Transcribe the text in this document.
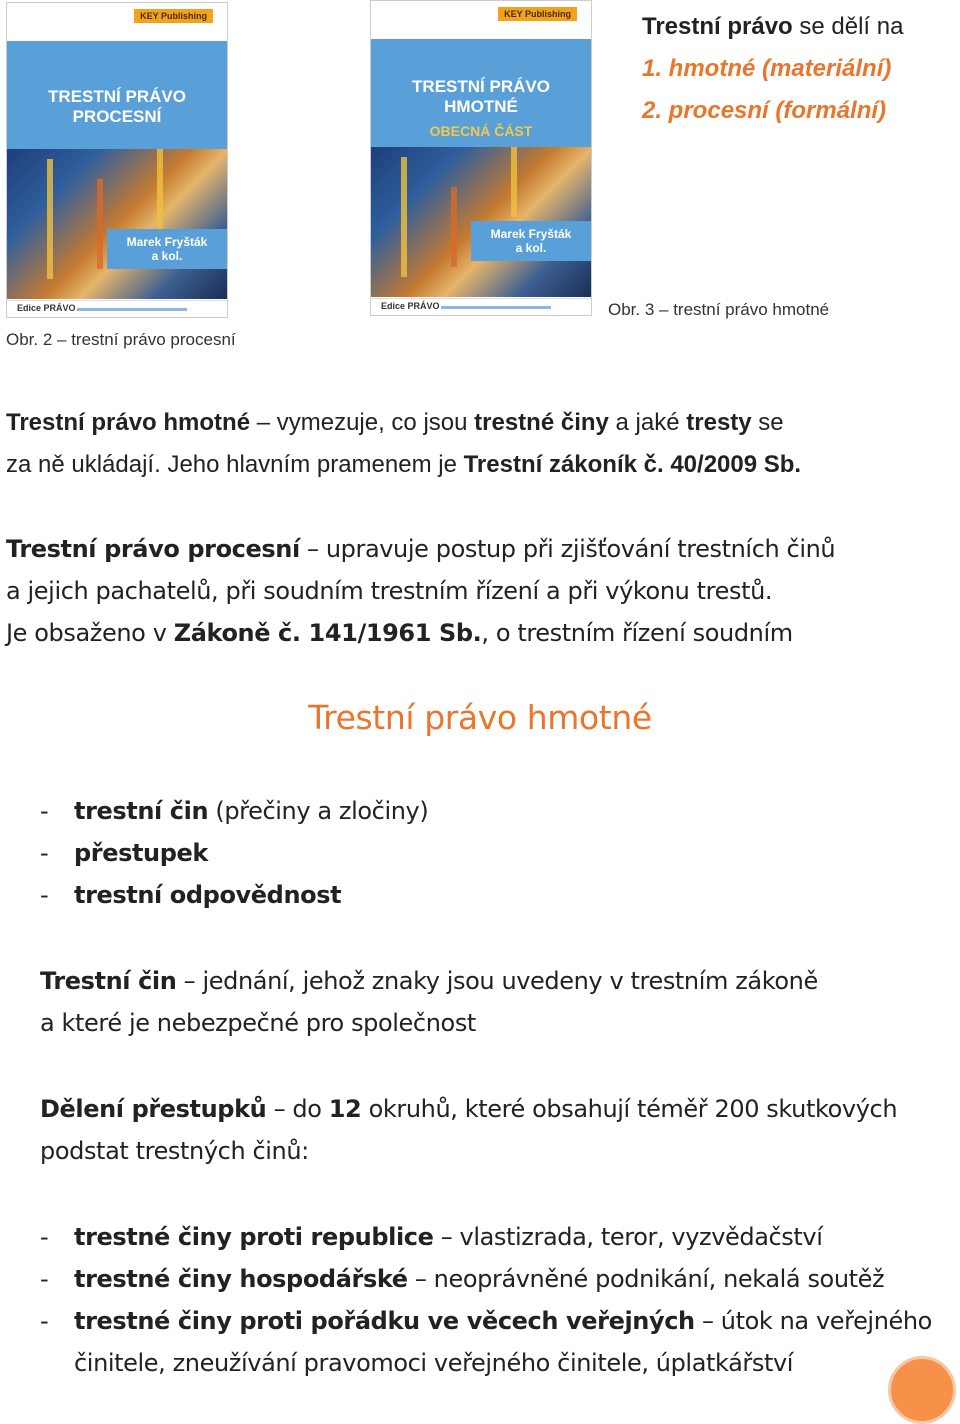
KEY Publishing
TRESTNÍ PRÁVO
PROCESNÍ
Marek Fryšták
a kol.
Edice PRÁVO
Obr. 2 – trestní právo procesní
KEY Publishing
TRESTNÍ PRÁVO
HMOTNÉ
OBECNÁ ČÁST
Marek Fryšták
a kol.
Edice PRÁVO	Obr. 3 – trestní právo hmotné
Trestní právo se dělí na
1. hmotné (materiální)
2. procesní (formální)
Trestní právo hmotné – vymezuje, co jsou trestné činy a jaké tresty se
za ně ukládají. Jeho hlavním pramenem je Trestní zákoník č. 40/2009 Sb.
Trestní právo procesní – upravuje postup při zjišťování trestních činů
a jejich pachatelů, při soudním trestním řízení a při výkonu trestů.
Je obsaženo v Zákoně č. 141/1961 Sb., o trestním řízení soudním
Trestní právo hmotné
- trestní čin (přečiny a zločiny)
- přestupek
- trestní odpovědnost
Trestní čin – jednání, jehož znaky jsou uvedeny v trestním zákoně
a které je nebezpečné pro společnost
Dělení přestupků – do 12 okruhů, které obsahují téměř 200 skutkových
podstat trestných činů:
- trestné činy proti republice – vlastizrada, teror, vyzvědačství
- trestné činy hospodářské – neoprávněné podnikání, nekalá soutěž
- trestné činy proti pořádku ve věcech veřejných – útok na veřejného
činitele, zneužívání pravomoci veřejného činitele, úplatkářství
